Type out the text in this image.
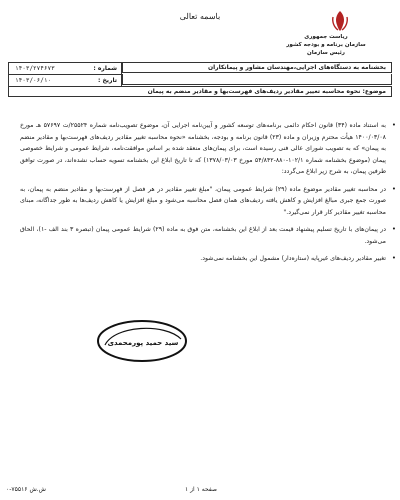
باسمه تعالی
ریاست جمهوری
سازمان برنامه و بودجه کشور
رئیس سازمان
شماره :
۱۴۰۳/۲۷۴۶۷۳
تاریخ :
۱۴۰۳/۰۶/۱۰
بخشنامه به دستگاه‌های اجرایی،مهندسان مشاور و پیمانکاران
موضوع: نحوه محاسبه تغییر مقادیر ردیف‌های فهرست‌بها و مقادیر منضم به پیمان

•
به استناد ماده (۳۴) قانون احکام دائمی برنامه‌های توسعه کشور و آیین‌نامه اجرایی آن، موضوع تصویب‌نامه شماره ۲۵۵۲۴/ت ۵۷۶۹۷ هـ مورخ ۱۴۰۰/۰۳/۰۸ هیأت محترم وزیران و ماده (۲۳) قانون برنامه و بودجه، بخشنامه «نحوه محاسبه تغییر مقادیر ردیف‌های فهرست‌بها و مقادیر منضم به پیمان» که به تصویب شورای عالی فنی رسیده است، برای پیمان‌های منعقد شده بر اساس موافقت‌نامه، شرایط عمومی و شرایط خصوصی پیمان (موضوع بخشنامه شماره ۱۰۲/۱-۸۸۰-۵۴/۸۴۲ مورخ ۱۳۷۸/۰۳/۰۳) که تا تاریخ ابلاغ این بخشنامه تسویه حساب نشده‌اند، در صورت توافق طرفین پیمان، به شرح زیر ابلاغ می‌گردد:

•
در محاسبه تغییر مقادیر موضوع ماده (۲۹) شرایط عمومی پیمان، "مبلغ تغییر مقادیر در هر فصل از فهرست‌بها و مقادیر منضم به پیمان، به صورت جمع جبری مبالغ افزایش و کاهش یافته ردیف‌های همان فصل محاسبه می‌شود و مبلغ افزایش یا کاهش ردیف‌ها به طور جداگانه، مبنای محاسبه تغییر مقادیر کار قرار نمی‌گیرد."

•
در پیمان‌های با تاریخ تسلیم پیشنهاد قیمت بعد از ابلاغ این بخشنامه، متن فوق به ماده (۲۹) شرایط عمومی پیمان (تبصره ۳ بند الف -۱)، الحاق می‌شود.

•
تغییر مقادیر ردیف‌های غیرپایه (ستاره‌دار) مشمول این بخشنامه نمی‌شود.

سید حمید پورمحمدی
ش.ش ۷۵۵۱۶-۰	صفحه ۱ از ۱
